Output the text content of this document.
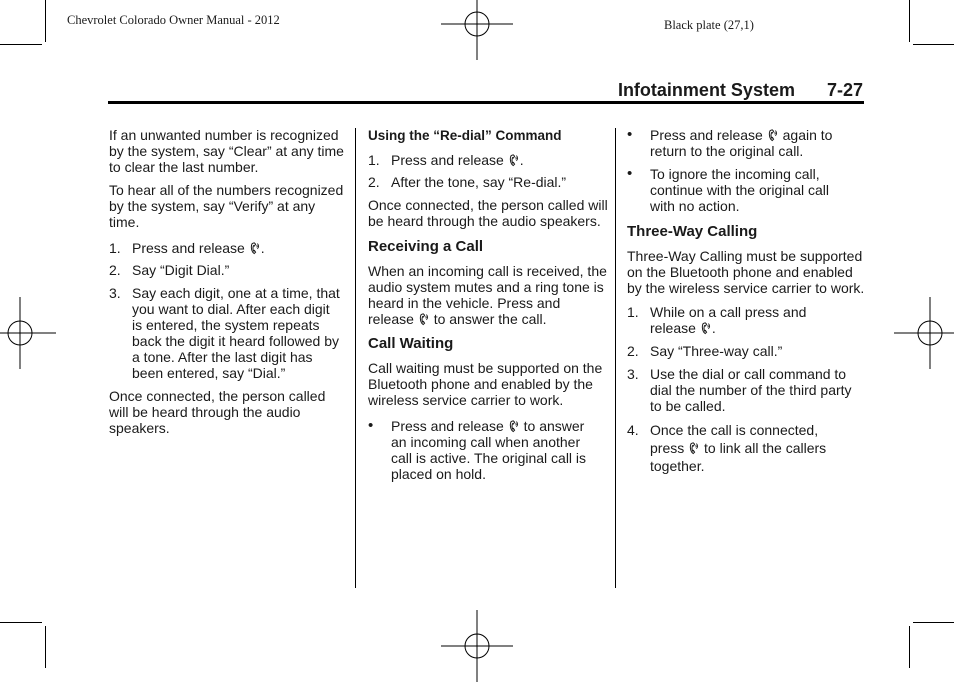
Chevrolet Colorado Owner Manual - 2012	Black plate (27,1)
Infotainment System 7-27

If an unwanted number is recognized by the system, say “Clear” at any time to clear the last number.

To hear all of the numbers recognized by the system, say “Verify” at any time.

1. Press and release .
2. Say “Digit Dial.”
3. Say each digit, one at a time, that you want to dial. After each digit is entered, the system repeats back the digit it heard followed by a tone. After the last digit has been entered, say “Dial.”

Once connected, the person called will be heard through the audio speakers.

Using the “Re-dial” Command
1. Press and release .
2. After the tone, say “Re-dial.”

Once connected, the person called will be heard through the audio speakers.

Receiving a Call

When an incoming call is received, the audio system mutes and a ring tone is heard in the vehicle. Press and release  to answer the call.

Call Waiting

Call waiting must be supported on the Bluetooth phone and enabled by the wireless service carrier to work.

• Press and release  to answer an incoming call when another call is active. The original call is placed on hold.
• Press and release  again to return to the original call.
• To ignore the incoming call, continue with the original call with no action.
Three-Way Calling

Three-Way Calling must be supported on the Bluetooth phone and enabled by the wireless service carrier to work.

1. While on a call press and release .
2. Say “Three-way call.”
3. Use the dial or call command to dial the number of the third party to be called.
4. Once the call is connected, press  to link all the callers together.
